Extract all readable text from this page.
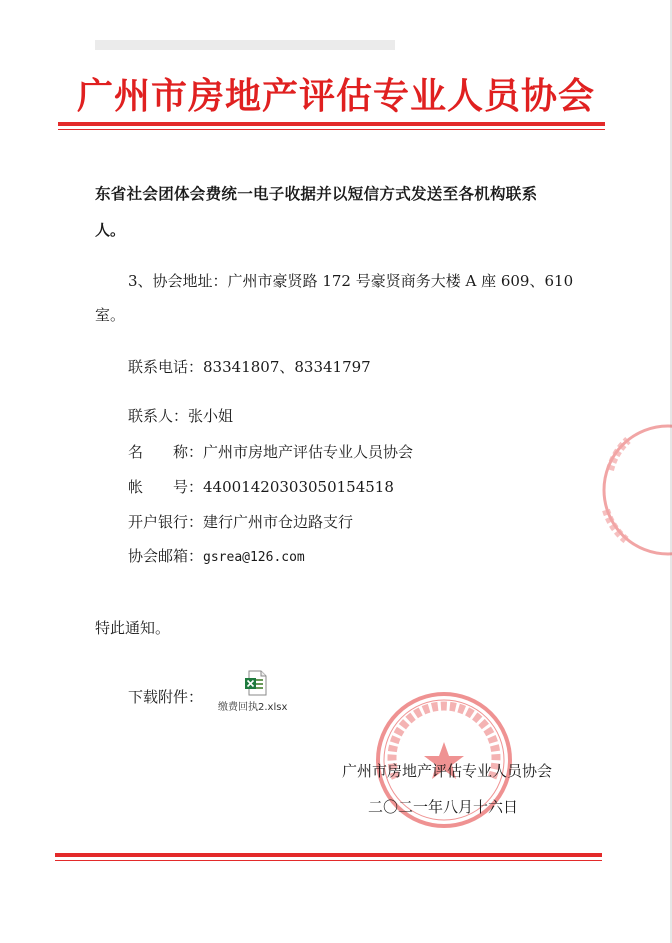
广州市房地产评估专业人员协会
东省社会团体会费统一电子收据并以短信方式发送至各机构联系
人。
3、协会地址：广州市豪贤路 172 号豪贤商务大楼 A 座 609、610
室。
联系电话：83341807、83341797
联系人：张小姐
名　　称：广州市房地产评估专业人员协会
帐　　号：44001420303050154518
开户银行：建行广州市仓边路支行
协会邮箱：gsrea@126.com
特此通知。
下载附件：
缴费回执2.xlsx
广州市房地产评估专业人员协会
二〇二一年八月十六日
